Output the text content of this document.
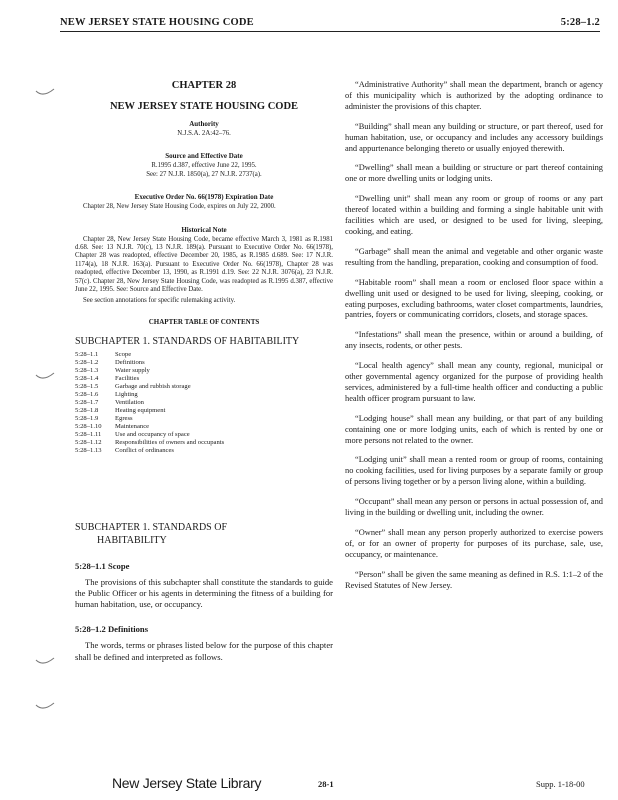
NEW JERSEY STATE HOUSING CODE	5:28–1.2

CHAPTER 28

NEW JERSEY STATE HOUSING CODE

Authority

N.J.S.A. 2A:42–76.

Source and Effective Date

R.1995 d.387, effective June 22, 1995.

See: 27 N.J.R. 1850(a), 27 N.J.R. 2737(a).

Executive Order No. 66(1978) Expiration Date

Chapter 28, New Jersey State Housing Code, expires on July 22, 2000.

Historical Note

Chapter 28, New Jersey State Housing Code, became effective March 3, 1981 as R.1981 d.68. See: 13 N.J.R. 70(c), 13 N.J.R. 189(a). Pursuant to Executive Order No. 66(1978), Chapter 28 was readopted, effective December 20, 1985, as R.1985 d.689. See: 17 N.J.R. 1174(a), 18 N.J.R. 163(a). Pursuant to Executive Order No. 66(1978), Chapter 28 was readopted, effective December 13, 1990, as R.1991 d.19. See: 22 N.J.R. 3076(a), 23 N.J.R. 57(c). Chapter 28, New Jersey State Housing Code, was readopted as R.1995 d.387, effective June 22, 1995. See: Source and Effective Date.

See section annotations for specific rulemaking activity.

CHAPTER TABLE OF CONTENTS

SUBCHAPTER 1. STANDARDS OF HABITABILITY

5:28–1.1	Scope
5:28–1.2	Definitions
5:28–1.3	Water supply
5:28–1.4	Facilities
5:28–1.5	Garbage and rubbish storage
5:28–1.6	Lighting
5:28–1.7	Ventilation
5:28–1.8	Heating equipment
5:28–1.9	Egress
5:28–1.10	Maintenance
5:28–1.11	Use and occupancy of space
5:28–1.12	Responsibilities of owners and occupants
5:28–1.13	Conflict of ordinances

SUBCHAPTER 1. STANDARDS OF
HABITABILITY

5:28–1.1 Scope

The provisions of this subchapter shall constitute the standards to guide the Public Officer or his agents in determining the fitness of a building for human habitation, use, or occupancy.

5:28–1.2 Definitions

The words, terms or phrases listed below for the purpose of this chapter shall be defined and interpreted as follows.

“Administrative Authority” shall mean the department, branch or agency of this municipality which is authorized by the adopting ordinance to administer the provisions of this chapter.

“Building” shall mean any building or structure, or part thereof, used for human habitation, use, or occupancy and includes any accessory buildings and appurtenance belonging thereto or usually enjoyed therewith.

“Dwelling” shall mean a building or structure or part thereof containing one or more dwelling units or lodging units.

“Dwelling unit” shall mean any room or group of rooms or any part thereof located within a building and forming a single habitable unit with facilities which are used, or designed to be used for living, sleeping, cooking, and eating.

“Garbage” shall mean the animal and vegetable and other organic waste resulting from the handling, preparation, cooking and consumption of food.

“Habitable room” shall mean a room or enclosed floor space within a dwelling unit used or designed to be used for living, sleeping, cooking, or eating purposes, excluding bathrooms, water closet compartments, laundries, pantries, foyers or communicating corridors, closets, and storage spaces.

“Infestations” shall mean the presence, within or around a building, of any insects, rodents, or other pests.

“Local health agency” shall mean any county, regional, municipal or other governmental agency organized for the purpose of providing health services, administered by a full-time health officer and conducting a public health officer program pursuant to law.

“Lodging house” shall mean any building, or that part of any building containing one or more lodging units, each of which is rented by one or more persons not related to the owner.

“Lodging unit” shall mean a rented room or group of rooms, containing no cooking facilities, used for living purposes by a separate family or group of persons living together or by a person living alone, within a building.

“Occupant” shall mean any person or persons in actual possession of, and living in the building or dwelling unit, including the owner.

“Owner” shall mean any person properly authorized to exercise powers of, or for an owner of property for purposes of its purchase, sale, use, occupancy, or maintenance.

“Person” shall be given the same meaning as defined in R.S. 1:1–2 of the Revised Statutes of New Jersey.

New Jersey State Library	28-1	Supp. 1-18-00
